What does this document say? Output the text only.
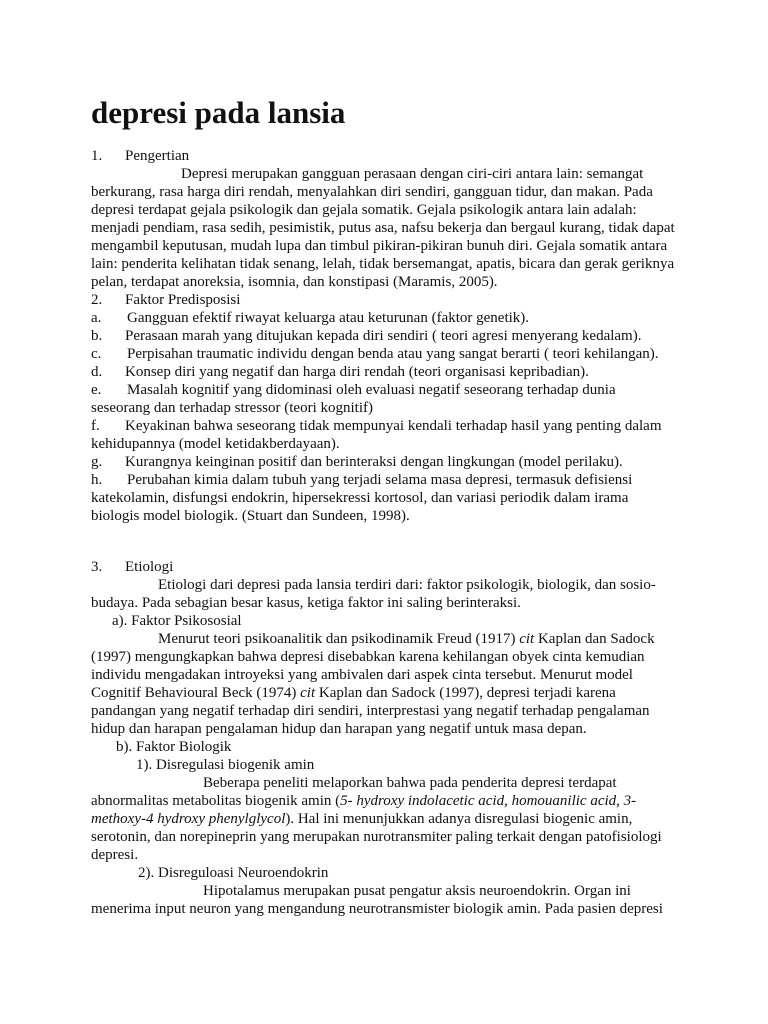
depresi pada lansia
1. Pengertian
Depresi merupakan gangguan perasaan dengan ciri-ciri antara lain: semangat
berkurang, rasa harga diri rendah, menyalahkan diri sendiri, gangguan tidur, dan makan. Pada
depresi terdapat gejala psikologik dan gejala somatik. Gejala psikologik antara lain adalah:
menjadi pendiam, rasa sedih, pesimistik, putus asa, nafsu bekerja dan bergaul kurang, tidak dapat
mengambil keputusan, mudah lupa dan timbul pikiran-pikiran bunuh diri. Gejala somatik antara
lain: penderita kelihatan tidak senang, lelah, tidak bersemangat, apatis, bicara dan gerak geriknya
pelan, terdapat anoreksia, isomnia, dan konstipasi (Maramis, 2005).
2. Faktor Predisposisi
a. Gangguan efektif riwayat keluarga atau keturunan (faktor genetik).
b. Perasaan marah yang ditujukan kepada diri sendiri ( teori agresi menyerang kedalam).
c. Perpisahan traumatic individu dengan benda atau yang sangat berarti ( teori kehilangan).
d. Konsep diri yang negatif dan harga diri rendah (teori organisasi kepribadian).
e. Masalah kognitif yang didominasi oleh evaluasi negatif seseorang terhadap dunia
seseorang dan terhadap stressor (teori kognitif)
f. Keyakinan bahwa seseorang tidak mempunyai kendali terhadap hasil yang penting dalam
kehidupannya (model ketidakberdayaan).
g. Kurangnya keinginan positif dan berinteraksi dengan lingkungan (model perilaku).
h. Perubahan kimia dalam tubuh yang terjadi selama masa depresi, termasuk defisiensi
katekolamin, disfungsi endokrin, hipersekressi kortosol, dan variasi periodik dalam irama
biologis model biologik. (Stuart dan Sundeen, 1998).
3. Etiologi
Etiologi dari depresi pada lansia terdiri dari: faktor psikologik, biologik, dan sosio-
budaya. Pada sebagian besar kasus, ketiga faktor ini saling berinteraksi.
a). Faktor Psikososial
Menurut teori psikoanalitik dan psikodinamik Freud (1917) cit Kaplan dan Sadock
(1997) mengungkapkan bahwa depresi disebabkan karena kehilangan obyek cinta kemudian
individu mengadakan introyeksi yang ambivalen dari aspek cinta tersebut. Menurut model
Cognitif Behavioural Beck (1974) cit Kaplan dan Sadock (1997), depresi terjadi karena
pandangan yang negatif terhadap diri sendiri, interprestasi yang negatif terhadap pengalaman
hidup dan harapan pengalaman hidup dan harapan yang negatif untuk masa depan.
b). Faktor Biologik
1). Disregulasi biogenik amin
Beberapa peneliti melaporkan bahwa pada penderita depresi terdapat
abnormalitas metabolitas biogenik amin (5- hydroxy indolacetic acid, homouanilic acid, 3-
methoxy-4 hydroxy phenylglycol). Hal ini menunjukkan adanya disregulasi biogenic amin,
serotonin, dan norepineprin yang merupakan nurotransmiter paling terkait dengan patofisiologi
depresi.
2). Disreguloasi Neuroendokrin
Hipotalamus merupakan pusat pengatur aksis neuroendokrin. Organ ini
menerima input neuron yang mengandung neurotransmister biologik amin. Pada pasien depresi
